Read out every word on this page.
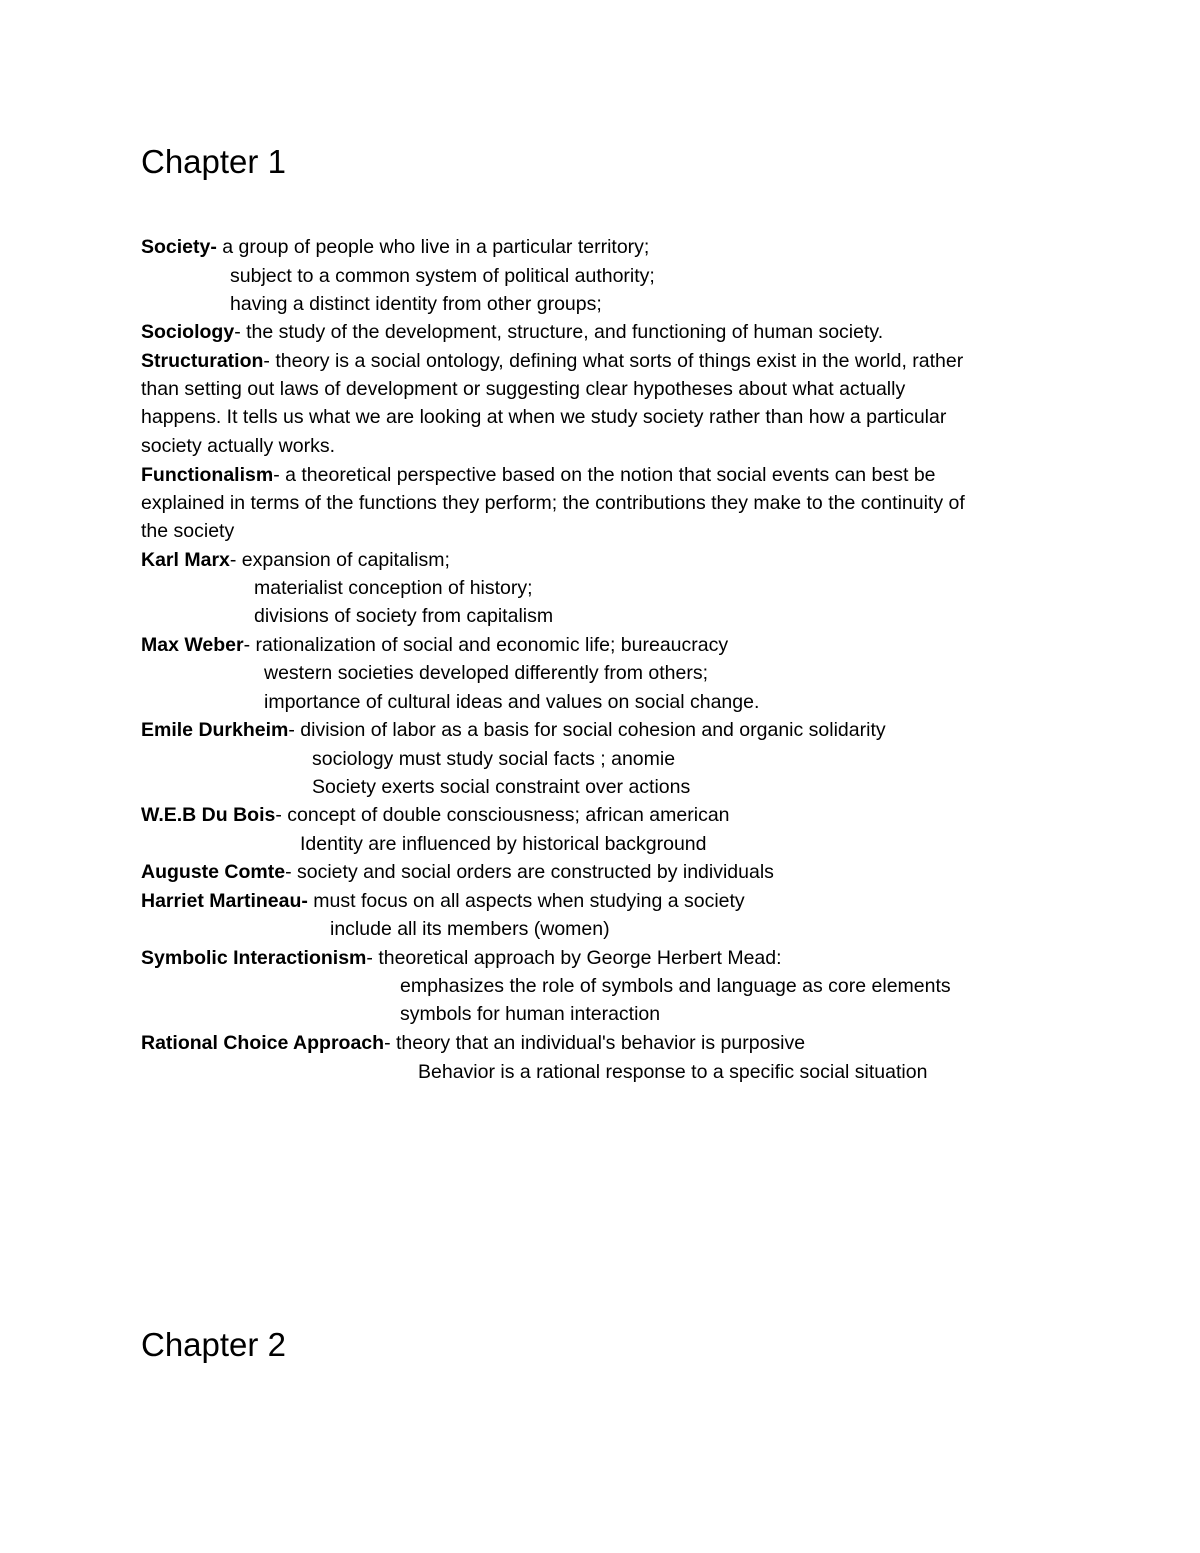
Chapter 1
Society- a group of people who live in a particular territory;
subject to a common system of political authority;
having a distinct identity from other groups;
Sociology- the study of the development, structure, and functioning of human society.
Structuration- theory is a social ontology, defining what sorts of things exist in the world, rather
than setting out laws of development or suggesting clear hypotheses about what actually
happens. It tells us what we are looking at when we study society rather than how a particular
society actually works.
Functionalism- a theoretical perspective based on the notion that social events can best be
explained in terms of the functions they perform; the contributions they make to the continuity of
the society
Karl Marx- expansion of capitalism;
materialist conception of history;
divisions of society from capitalism
Max Weber- rationalization of social and economic life; bureaucracy
western societies developed differently from others;
importance of cultural ideas and values on social change.
Emile Durkheim- division of labor as a basis for social cohesion and organic solidarity
sociology must study social facts ; anomie
Society exerts social constraint over actions
W.E.B Du Bois- concept of double consciousness; african american
Identity are influenced by historical background
Auguste Comte- society and social orders are constructed by individuals
Harriet Martineau- must focus on all aspects when studying a society
include all its members (women)
Symbolic Interactionism- theoretical approach by George Herbert Mead:
emphasizes the role of symbols and language as core elements
symbols for human interaction
Rational Choice Approach- theory that an individual's behavior is purposive
Behavior is a rational response to a specific social situation
Chapter 2
